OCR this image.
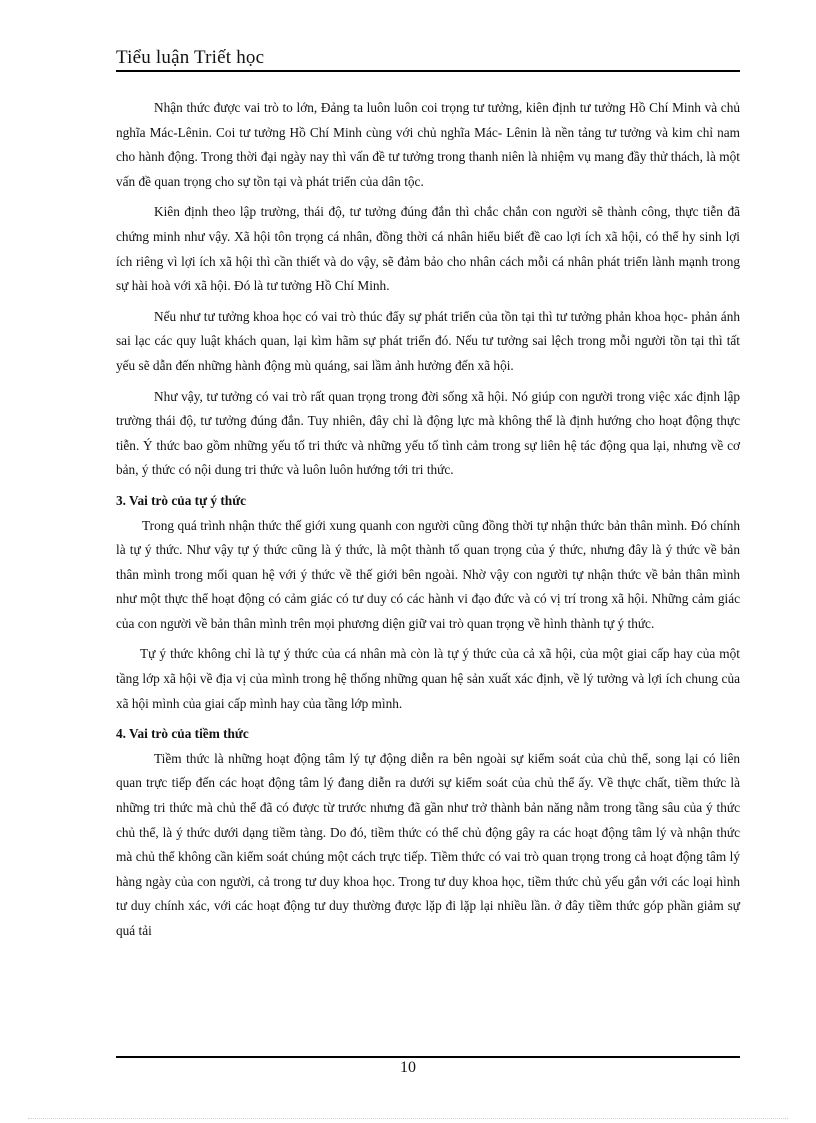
Tiểu luận Triết học

Nhận thức được vai trò to lớn, Đảng ta luôn luôn coi trọng tư tưởng, kiên định tư tưởng Hồ Chí Minh và chủ nghĩa Mác-Lênin. Coi tư tưởng Hồ Chí Minh cùng với chủ nghĩa Mác- Lênin là nền tảng tư tưởng và kim chỉ nam cho hành động. Trong thời đại ngày nay thì vấn đề tư tưởng trong thanh niên là nhiệm vụ mang đầy thử thách, là một vấn đề quan trọng cho sự tồn tại và phát triển của dân tộc.

Kiên định theo lập trường, thái độ, tư tưởng đúng đắn thì chắc chắn con người sẽ thành công, thực tiễn đã chứng minh như vậy. Xã hội tôn trọng cá nhân, đồng thời cá nhân hiểu biết đề cao lợi ích xã hội, có thể hy sinh lợi ích riêng vì lợi ích xã hội thì cần thiết và do vậy, sẽ đảm bảo cho nhân cách mỗi cá nhân phát triển lành mạnh trong sự hài hoà với xã hội. Đó là tư tưởng Hồ Chí Minh.

Nếu như tư tưởng khoa học có vai trò thúc đẩy sự phát triển của tồn tại thì tư tưởng phản khoa học- phản ánh sai lạc các quy luật khách quan, lại kìm hãm sự phát triển đó. Nếu tư tưởng sai lệch trong mỗi người tồn tại thì tất yếu sẽ dẫn đến những hành động mù quáng, sai lầm ảnh hưởng đến xã hội.

Như vậy, tư tưởng có vai trò rất quan trọng trong đời sống xã hội. Nó giúp con người trong việc xác định lập trường thái độ, tư tưởng đúng đắn. Tuy nhiên, đây chỉ là động lực mà không thể là định hướng cho hoạt động thực tiễn. Ý thức bao gồm những yếu tố tri thức và những yếu tố tình cảm trong sự liên hệ tác động qua lại, nhưng về cơ bản, ý thức có nội dung tri thức và luôn luôn hướng tới tri thức.

3. Vai trò của tự ý thức

Trong quá trình nhận thức thế giới xung quanh con người cũng đồng thời tự nhận thức bản thân mình. Đó chính là tự ý thức. Như vậy tự ý thức cũng là ý thức, là một thành tố quan trọng của ý thức, nhưng đây là ý thức về bản thân mình trong mối quan hệ với ý thức về thế giới bên ngoài. Nhờ vậy con người tự nhận thức về bản thân mình như một thực thể hoạt động có cảm giác có tư duy có các hành vi đạo đức và có vị trí trong xã hội. Những cảm giác của con người về bản thân mình trên mọi phương diện giữ vai trò quan trọng về hình thành tự ý thức.

Tự ý thức không chỉ là tự ý thức của cá nhân mà còn là tự ý thức của cả xã hội, của một giai cấp hay của một tầng lớp xã hội về địa vị của mình trong hệ thống những quan hệ sản xuất xác định, về lý tưởng và lợi ích chung của xã hội mình của giai cấp mình hay của tầng lớp mình.

4. Vai trò của tiềm thức

Tiềm thức là những hoạt động tâm lý tự động diễn ra bên ngoài sự kiểm soát của chủ thể, song lại có liên quan trực tiếp đến các hoạt động tâm lý đang diễn ra dưới sự kiểm soát của chủ thể ấy. Về thực chất, tiềm thức là những tri thức mà chủ thể đã có được từ trước nhưng đã gần như trở thành bản năng nằm trong tầng sâu của ý thức chủ thể, là ý thức dưới dạng tiềm tàng. Do đó, tiềm thức có thể chủ động gây ra các hoạt động tâm lý và nhận thức mà chủ thể không cần kiểm soát chúng một cách trực tiếp. Tiềm thức có vai trò quan trọng trong cả hoạt động tâm lý hàng ngày của con người, cả trong tư duy khoa học. Trong tư duy khoa học, tiềm thức chủ yếu gắn với các loại hình tư duy chính xác, với các hoạt động tư duy thường được lặp đi lặp lại nhiều lần. ở đây tiềm thức góp phần giảm sự quá tải

10
